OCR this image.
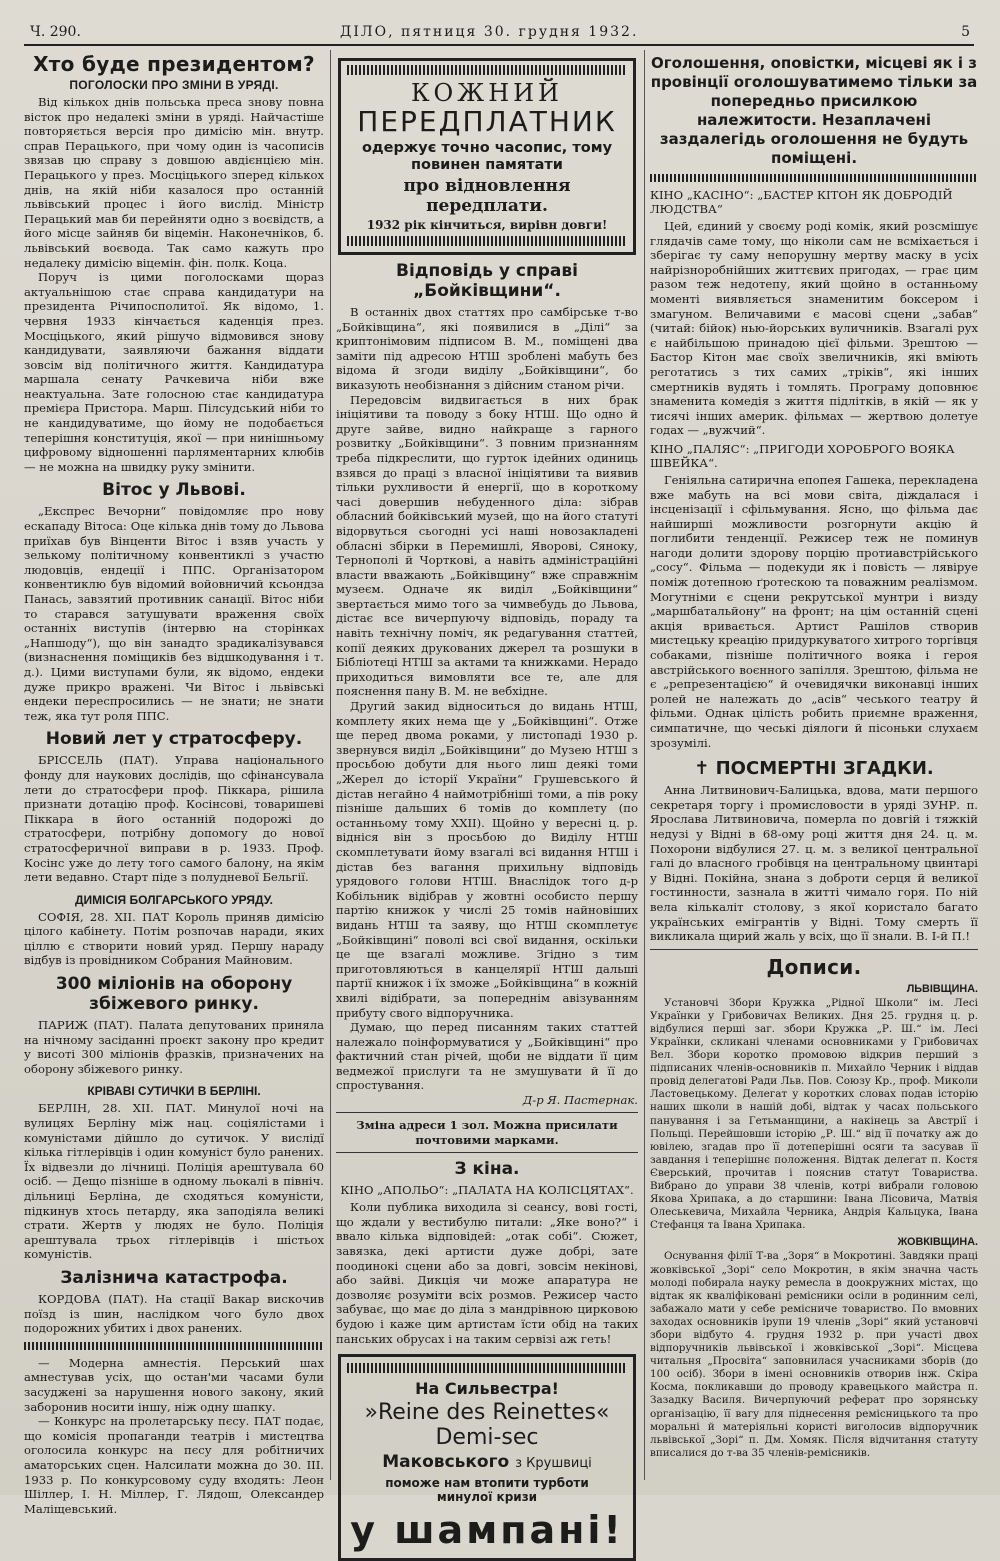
Ч. 290.	ДІЛО, пятниця 30. грудня 1932.	5
Хто буде президентом?
ПОГОЛОСКИ ПРО ЗМІНИ В УРЯДІ.

Від кількох днів польська преса знову повна вісток про недалекі зміни в уряді. Найчастіше повторяється версія про димісію мін. внутр. справ Перацького, при чому один із часописів звязав цю справу з довшою авдієнцією мін. Перацького у през. Мосціцького зперед кількох днів, на якій ніби казалося про останній львівський процес і його вислід. Міністр Перацький мав би перейняти одно з воєвідств, а його місце зайняв би віцемін. Наконечніков, б. львівський воєвода. Так само кажуть про недалеку димісію віцемін. фін. полк. Коца.

Поруч із цими поголосками щораз актуальнішою стає справа кандидатури на президента Річипосполитої. Як відомо, 1. червня 1933 кінчається каденція през. Мосціцького, який рішучо відмовився знову кандидувати, заявляючи бажання віддати зовсім від політичного життя. Кандидатура маршала сенату Рачкевича ніби вже неактуальна. Зате голосною стає кандидатура премієра Пристора. Марш. Пілсудський ніби то не кандидуватиме, що йому не подобається теперішня конституція, якої — при нинішньому цифровому відношенні парляментарних клюбів — не можна на швидку руку змінити.

Вітос у Львові.

„Експрес Вечорни“ повідомляє про нову ескападу Вітоса: Оце кілька днів тому до Львова приїхав був Вінценти Вітос і взяв участь у зелькому політичному конвентиклі з участю людовців, ендеції і ППС. Організатором конвентиклю був відомий войовничий ксьондза Панась, завзятий противник санації. Вітос ніби то старався затушувати враження своїх останніх виступів (інтервю на сторінках „Напшоду“), що він занадто зрадикалізувався (визнаснення поміщиків без відшкодування і т. д.). Цими виступами були, як відомо, ендеки дуже прикро вражені. Чи Вітос і львівські ендеки переспросились — не знати; не знати теж, яка тут роля ППС.

Новий лет у стратосферу.

БРІССЕЛЬ (ПАТ). Управа національного фонду для наукових дослідів, що сфінансувала лети до стратосфери проф. Піккара, рішила признати дотацію проф. Косінсові, товаришеві Піккара в його останній подорожі до стратосфери, потрібну допомогу до нової стратосферичної виправи в р. 1933. Проф. Косінс уже до лету того самого балону, на якім лети ведавно. Старт піде з полудневої Бельгії.

ДИМІСІЯ БОЛГАРСЬКОГО УРЯДУ.

СОФІЯ, 28. XII. ПАТ Король приняв димісію цілого кабінету. Потім розпочав наради, яких ціллю є створити новий уряд. Першу нараду відбув із провідником Собрания Майновим.

300 міліонів на оборону збіжевого ринку.

ПАРИЖ (ПАТ). Палата депутованих приняла на нічному засіданні проєкт закону про кредит у висоті 300 міліонів фразків, призначених на оборону збіжевого ринку.

КРІВАВІ СУТИЧКИ В БЕРЛІНІ.

БЕРЛІН, 28. XII. ПАТ. Минулої ночі на вулицях Берліну між нац. соціялістами і комуністами дійшло до сутичок. У вислідї кілька гітлерівців і один комуніст було ранених. Їх відвезли до лічниці. Поліція арештувала 60 осіб. — Дещо пізніше в одному льокалі в північ. дільниці Берліна, де сходяться комуністи, підкинув хтось петарду, яка заподіяла великі страти. Жертв у людях не було. Поліція арештувала трьох гітлерівців і шістьох комуністів.

Залізнича катастрофа.

КОРДОВА (ПАТ). На стації Вакар вискочив поїзд із шин, наслідком чого було двох подорожних убитих і двох ранених.

— Модерна амнестія. Перський шах амнестував усіх, що остан'ми часами були засуджені за нарушення нового закону, який заборонив носити іншу, ніж одну шапку.

— Конкурс на пролетарську пєсу. ПАТ подає, що комісія пропаганди театрів і мистецтва оголосила конкурс на пєсу для робітничих аматорських сцен. Налсилати можна до 30. III. 1933 р. По конкурсовому суду входять: Леон Шіллер, І. Н. Міллер, Г. Лядош, Олександер Маліщевський.

КОЖНИЙ
ПЕРЕДПЛАТНИК
одержує точно часопис, тому повинен памятати
про відновлення передплати.
1932 рік кінчиться, вирівн довги!
Відповідь у справі „Бойківщини“.

В останніх двох статтях про самбірське т-во „Бойківщина“, які появилися в „Ділі“ за криптонімовим підписом В. М., поміщені два заміти під адресою НТШ зроблені мабуть без відома й згоди виділу „Бойківщини“, бо виказують необізнання з дійсним станом річи.

Передовсім видвигається в них брак ініціятиви та поводу з боку НТШ. Що одно й друге зайве, видно найкраще з гарного розвитку „Бойківщини“. З повним признанням треба підкреслити, що гурток ідейних одиниць взявся до праці з власної ініціятиви та виявив тільки рухливости й енергії, що в короткому часі довершив небуденного діла: зібрав обласний бойківський музей, що на його статуті відорвуться сьогодні усі наші новозакладені обласні збірки в Перемишлі, Яворові, Сяноку, Тернополі й Чорткові, а навіть адміністраційні власти вважають „Бойківщину“ вже справжнім музеєм. Одначе як виділ „Бойківщини“ звертається мимо того за чимвебудь до Львова, дістає все вичерпуючу відповідь, пораду та навіть технічну поміч, як редагування статтей, копії деяких друкованих джерел та розшуки в Бібліотеці НТШ за актами та книжками. Нерадо приходиться вимовляти все те, але для пояснення пану В. М. не вебхідне.

Другий закид відноситься до видань НТШ, комплету яких нема ще у „Бойківщині“. Отже ще перед двома роками, у листопаді 1930 р. звернувся виділ „Бойківщини“ до Музею НТШ з просьбою добути для нього лиш деякі томи „Жерел до історії України“ Грушевського й дістав негайно 4 наймотрібніші томи, а пів року пізніше дальших 6 томів до комплету (по останньому тому XXII). Щойно у вересні ц. р. відніся він з просьбою до Виділу НТШ скомплетувати йому взагалі всі видання НТШ і дістав без вагання прихильну відповідь урядового голови НТШ. Внаслідок того д-р Кобільник відібрав у жовтні особисто першу партію книжок у числі 25 томів найновіших видань НТШ та заяву, що НТШ скомплетує „Бойківщині“ поволі всі свої видання, оскільки це ще взагалі можливе. Згідно з тим приготовляються в канцелярії НТШ дальші партії книжок і їх зможе „Бойківщина“ в кожній хвилі відібрати, за попереднім авізуванням прибуту свого відпоручника.

Думаю, що перед писанням таких статтей належало поінформуватися у „Бойківщині“ про фактичний стан річей, щоби не віддати її цим ведмежої прислуги та не змушувати й її до спростування.

Д-р Я. Пастернак.

Зміна адреси 1 зол. Можна присилати почтовими марками.

З кіна.

КІНО „АПОЛЬО“: „ПАЛАТА НА КОЛІСЦЯТАХ“.

Коли публика виходила зі сеансу, вові гості, що ждали у вестибулю питали: „Яке воно?“ і ввало кілька відповідей: „отак собі“. Сюжет, завязка, декі артисти дуже добрі, зате поодинокі сцени або за довгі, зовсім некінові, або зайві. Дикція чи може апаратура не дозволяє розуміти всіх розмов. Режисер часто забуває, що має до діла з мандрівною цирковою будою і каже цим артистам їсти обід на таких панських обрусах і на таким сервізі аж геть!

На Сильвестра!
»Reine des Reinettes«
Demi-sec
Маковського з Крушвиці
поможе нам втопити турботи
минулої кризи
у шампані!
Оголошення, оповістки, місцеві як і з провінції оголошуватимемо тільки за попередньо присилкою належитости. Незаплачені заздалегідь оголошення не будуть поміщені.

КІНО „КАСІНО“: „БАСТЕР КІТОН ЯК ДОБРОДІЙ ЛЮДСТВА“

Цей, єдиний у своєму роді комік, який розсмішує глядачів саме тому, що ніколи сам не всміхається і зберігає ту саму непорушну мертву маску в усіх найрізноробнійших життєвих пригодах, — грає цим разом теж недотепу, який щойно в останньому моменті виявляється знаменитим боксером і змагуном. Величавими є масові сцени „забав“ (читай: бійок) нью-йорських вуличників. Взагалі рух є найбільшою принадою цієї фільми. Зрештою — Бастор Кітон має своїх звеличників, які вміють реготатись з тих самих „тріків“, які інших смертників вудять і томлять. Програму доповнює знаменита комедія з життя підлітків, в якій — як у тисячі інших америк. фільмах — жертвою долетуе годах — „вужчий“.

КІНО „ПАЛЯС“: „ПРИГОДИ ХОРОБРОГО ВОЯКА ШВЕЙКА“.

Геніяльна сатирична епопея Гашека, перекладена вже мабуть на всі мови світа, діждалася і інсценізації і сфільмування. Ясно, що фільма дає найширші можливости розгорнути акцію й поглибити тенденції. Режисер теж не поминув нагоди долити здорову порцію протиавстрійського „сосу“. Фільма — подекуди як і повість — лявіруе поміж дотепною ґротескою та поважним реалізмом. Могутніми є сцени рекрутської мунтри і визду „маршбатальйону“ на фронт; на цім останній сцені акція вривається. Артист Рашілов створив мистецьку креацію придуркуватого хитрого торгівця собаками, пізніше політичного вояка і героя австрійського воєнного запілля. Зрештою, фільма не є „репрезентацією“ й очевидячки виконавці інших ролей не належать до „асів“ чеського театру й фільми. Однак цілість робить приємне враження, симпатичне, що чеські діялоги й пісоньки слухаєм зрозумілі.

✝ ПОСМЕРТНІ ЗГАДКИ.

Анна Литвинович-Балицька, вдова, мати першого секретаря торгу і промисловости в уряді ЗУНР. п. Ярослава Литвиновича, померла по довгій і тяжкій недузі у Відні в 68-ому році життя дня 24. ц. м. Похорони відбулися 27. ц. м. з великої центральної галі до власного гробівця на центральному цвинтарі у Відні. Покійна, знана з доброти серця й великої гостинности, зазнала в житті чимало горя. По ній вела кількаліт столову, з якої користало багато українських емігрантів у Відні. Тому смерть її викликала щирий жаль у всіх, що її знали. В. І-й П.!

Дописи.
ЛЬВІВЩИНА.

Установчі Збори Кружка „Рідної Школи“ ім. Лесі Українки у Грибовичах Великих. Дня 25. грудня ц. р. відбулися перші заг. збори Кружка „Р. Ш.“ ім. Лесі Українки, скликані членами основниками у Грибовичах Вел. Збори коротко промовою відкрив перший з підписаних членів-основників п. Михайло Черник і віддав провід делегатові Ради Льв. Пов. Союзу Кр., проф. Миколи Ластовецькому. Делегат у коротких словах подав історію наших школи в нашій добі, відтак у часах польського панування і за Гетьманщини, а накінець за Австрії і Польщі. Перейшовши історію „Р. Ш.“ від її початку аж до ювілею, згадав про її дотеперішні осяги та засував її завдання і теперішнє положення. Відтак делегат п. Костя Єверський, прочитав і пояснив статут Товариства. Вибрано до управи 38 членів, котрі вибрали головою Якова Хрипака, а до старшини: Івана Лісовича, Матвія Олеськевича, Михайла Черника, Андрія Кальцука, Івана Стефанця та Івана Хрипака.

ЖОВКІВЩИНА.

Оснування філії Т-ва „Зоря“ в Мокротині. Завдяки праці жовківської „Зорі“ село Мокротин, в якім значна часть молоді побирала науку ремесла в доокружних містах, що відтак як кваліфіковані ремісники осіли в родинним селі, забажало мати у себе ремісниче товариство. По вмовних заходах основників ірупи 19 членів „Зорі“ який установчі збори відбуто 4. грудня 1932 р. при участі двох відпоручників львівської і жовківської „Зорі“. Місцева читальня „Просвіта“ заповнилася учасниками зборів (до 100 осіб). Збори в імені основників отворив інж. Скіра Косма, покликавши до проводу кравецького майстра п. Зазадку Василя. Вичерпуючий реферат про зорянську організацію, її вагу для піднесення ремісницького та про моральні й матеріяльні користі виголосив відпоручник львівської „Зорі“ п. Дм. Хомяк. Після відчитання статуту вписалися до т-ва 35 членів-ремісників.
